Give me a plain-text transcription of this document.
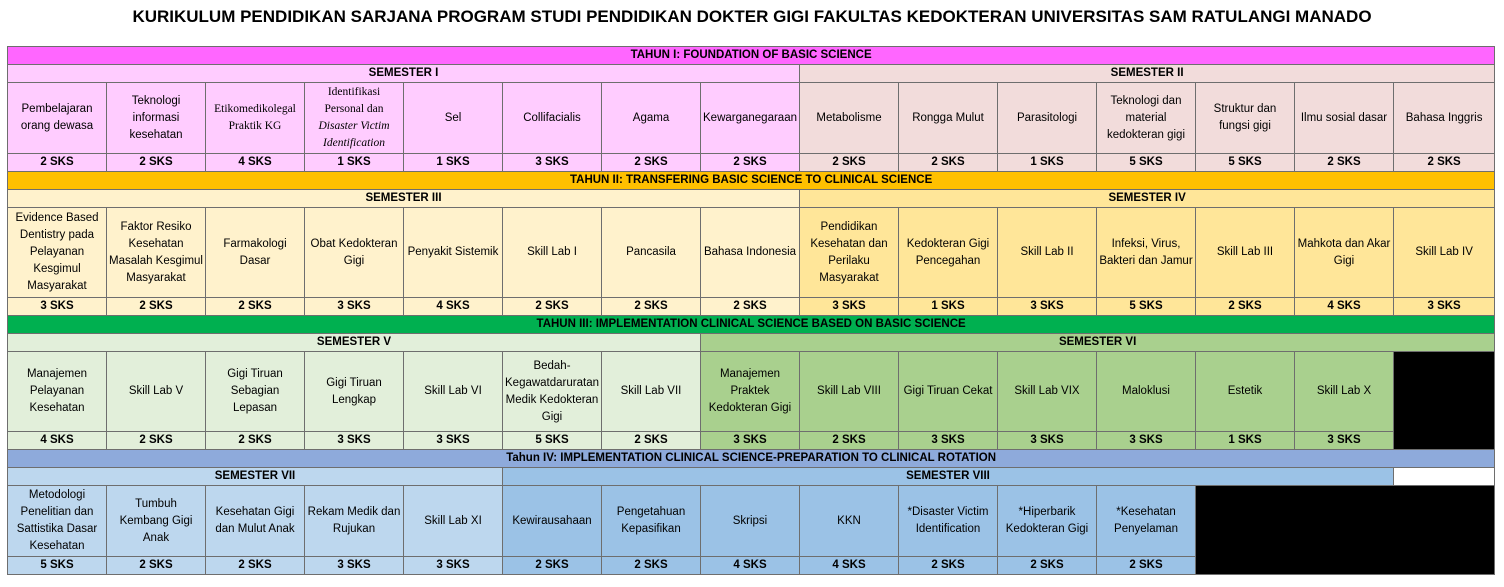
KURIKULUM PENDIDIKAN SARJANA PROGRAM STUDI PENDIDIKAN DOKTER GIGI FAKULTAS KEDOKTERAN UNIVERSITAS SAM RATULANGI MANADO
TAHUN I: FOUNDATION OF BASIC SCIENCE														
SEMESTER I								SEMESTER II						
Pembelajaran orang dewasa	Teknologi informasi kesehatan	Etikomedikolegal Praktik KG	Identifikasi Personal dan Disaster Victim Identification	Sel	Collifacialis	Agama	Kewarganegaraan	Metabolisme	Rongga Mulut	Parasitologi	Teknologi dan material kedokteran gigi	Struktur dan fungsi gigi	Ilmu sosial dasar	Bahasa Inggris
2 SKS	2 SKS	4 SKS	1 SKS	1 SKS	3 SKS	2 SKS	2 SKS	2 SKS	2 SKS	1 SKS	5 SKS	5 SKS	2 SKS	2 SKS
TAHUN II: TRANSFERING BASIC SCIENCE TO CLINICAL SCIENCE														
SEMESTER III								SEMESTER IV						
Evidence Based Dentistry pada Pelayanan Kesgimul Masyarakat	Faktor Resiko Kesehatan Masalah Kesgimul Masyarakat	Farmakologi Dasar	Obat Kedokteran Gigi	Penyakit Sistemik	Skill Lab I	Pancasila	Bahasa Indonesia	Pendidikan Kesehatan dan Perilaku Masyarakat	Kedokteran Gigi Pencegahan	Skill Lab II	Infeksi, Virus, Bakteri dan Jamur	Skill Lab III	Mahkota dan Akar Gigi	Skill Lab IV
3 SKS	2 SKS	2 SKS	3 SKS	4 SKS	2 SKS	2 SKS	2 SKS	3 SKS	1 SKS	3 SKS	5 SKS	2 SKS	4 SKS	3 SKS
TAHUN III: IMPLEMENTATION CLINICAL SCIENCE BASED ON BASIC SCIENCE														
SEMESTER V							SEMESTER VI							
Manajemen Pelayanan Kesehatan	Skill Lab V	Gigi Tiruan Sebagian Lepasan	Gigi Tiruan Lengkap	Skill Lab VI	Bedah-Kegawatdaruratan Medik Kedokteran Gigi	Skill Lab VII	Manajemen Praktek Kedokteran Gigi	Skill Lab VIII	Gigi Tiruan Cekat	Skill Lab VIX	Maloklusi	Estetik	Skill Lab X	
4 SKS	2 SKS	2 SKS	3 SKS	3 SKS	5 SKS	2 SKS	3 SKS	2 SKS	3 SKS	3 SKS	3 SKS	1 SKS	3 SKS	
Tahun IV: IMPLEMENTATION CLINICAL SCIENCE-PREPARATION TO CLINICAL ROTATION														
SEMESTER VII					SEMESTER VIII									
Metodologi Penelitian dan Sattistika Dasar Kesehatan	Tumbuh Kembang Gigi Anak	Kesehatan Gigi dan Mulut Anak	Rekam Medik dan Rujukan	Skill Lab XI	Kewirausahaan	Pengetahuan Kepasifikan	Skripsi	KKN	*Disaster Victim Identification	*Hiperbarik Kedokteran Gigi	*Kesehatan Penyelaman			
5 SKS	2 SKS	2 SKS	3 SKS	3 SKS	2 SKS	2 SKS	4 SKS	4 SKS	2 SKS	2 SKS	2 SKS			
